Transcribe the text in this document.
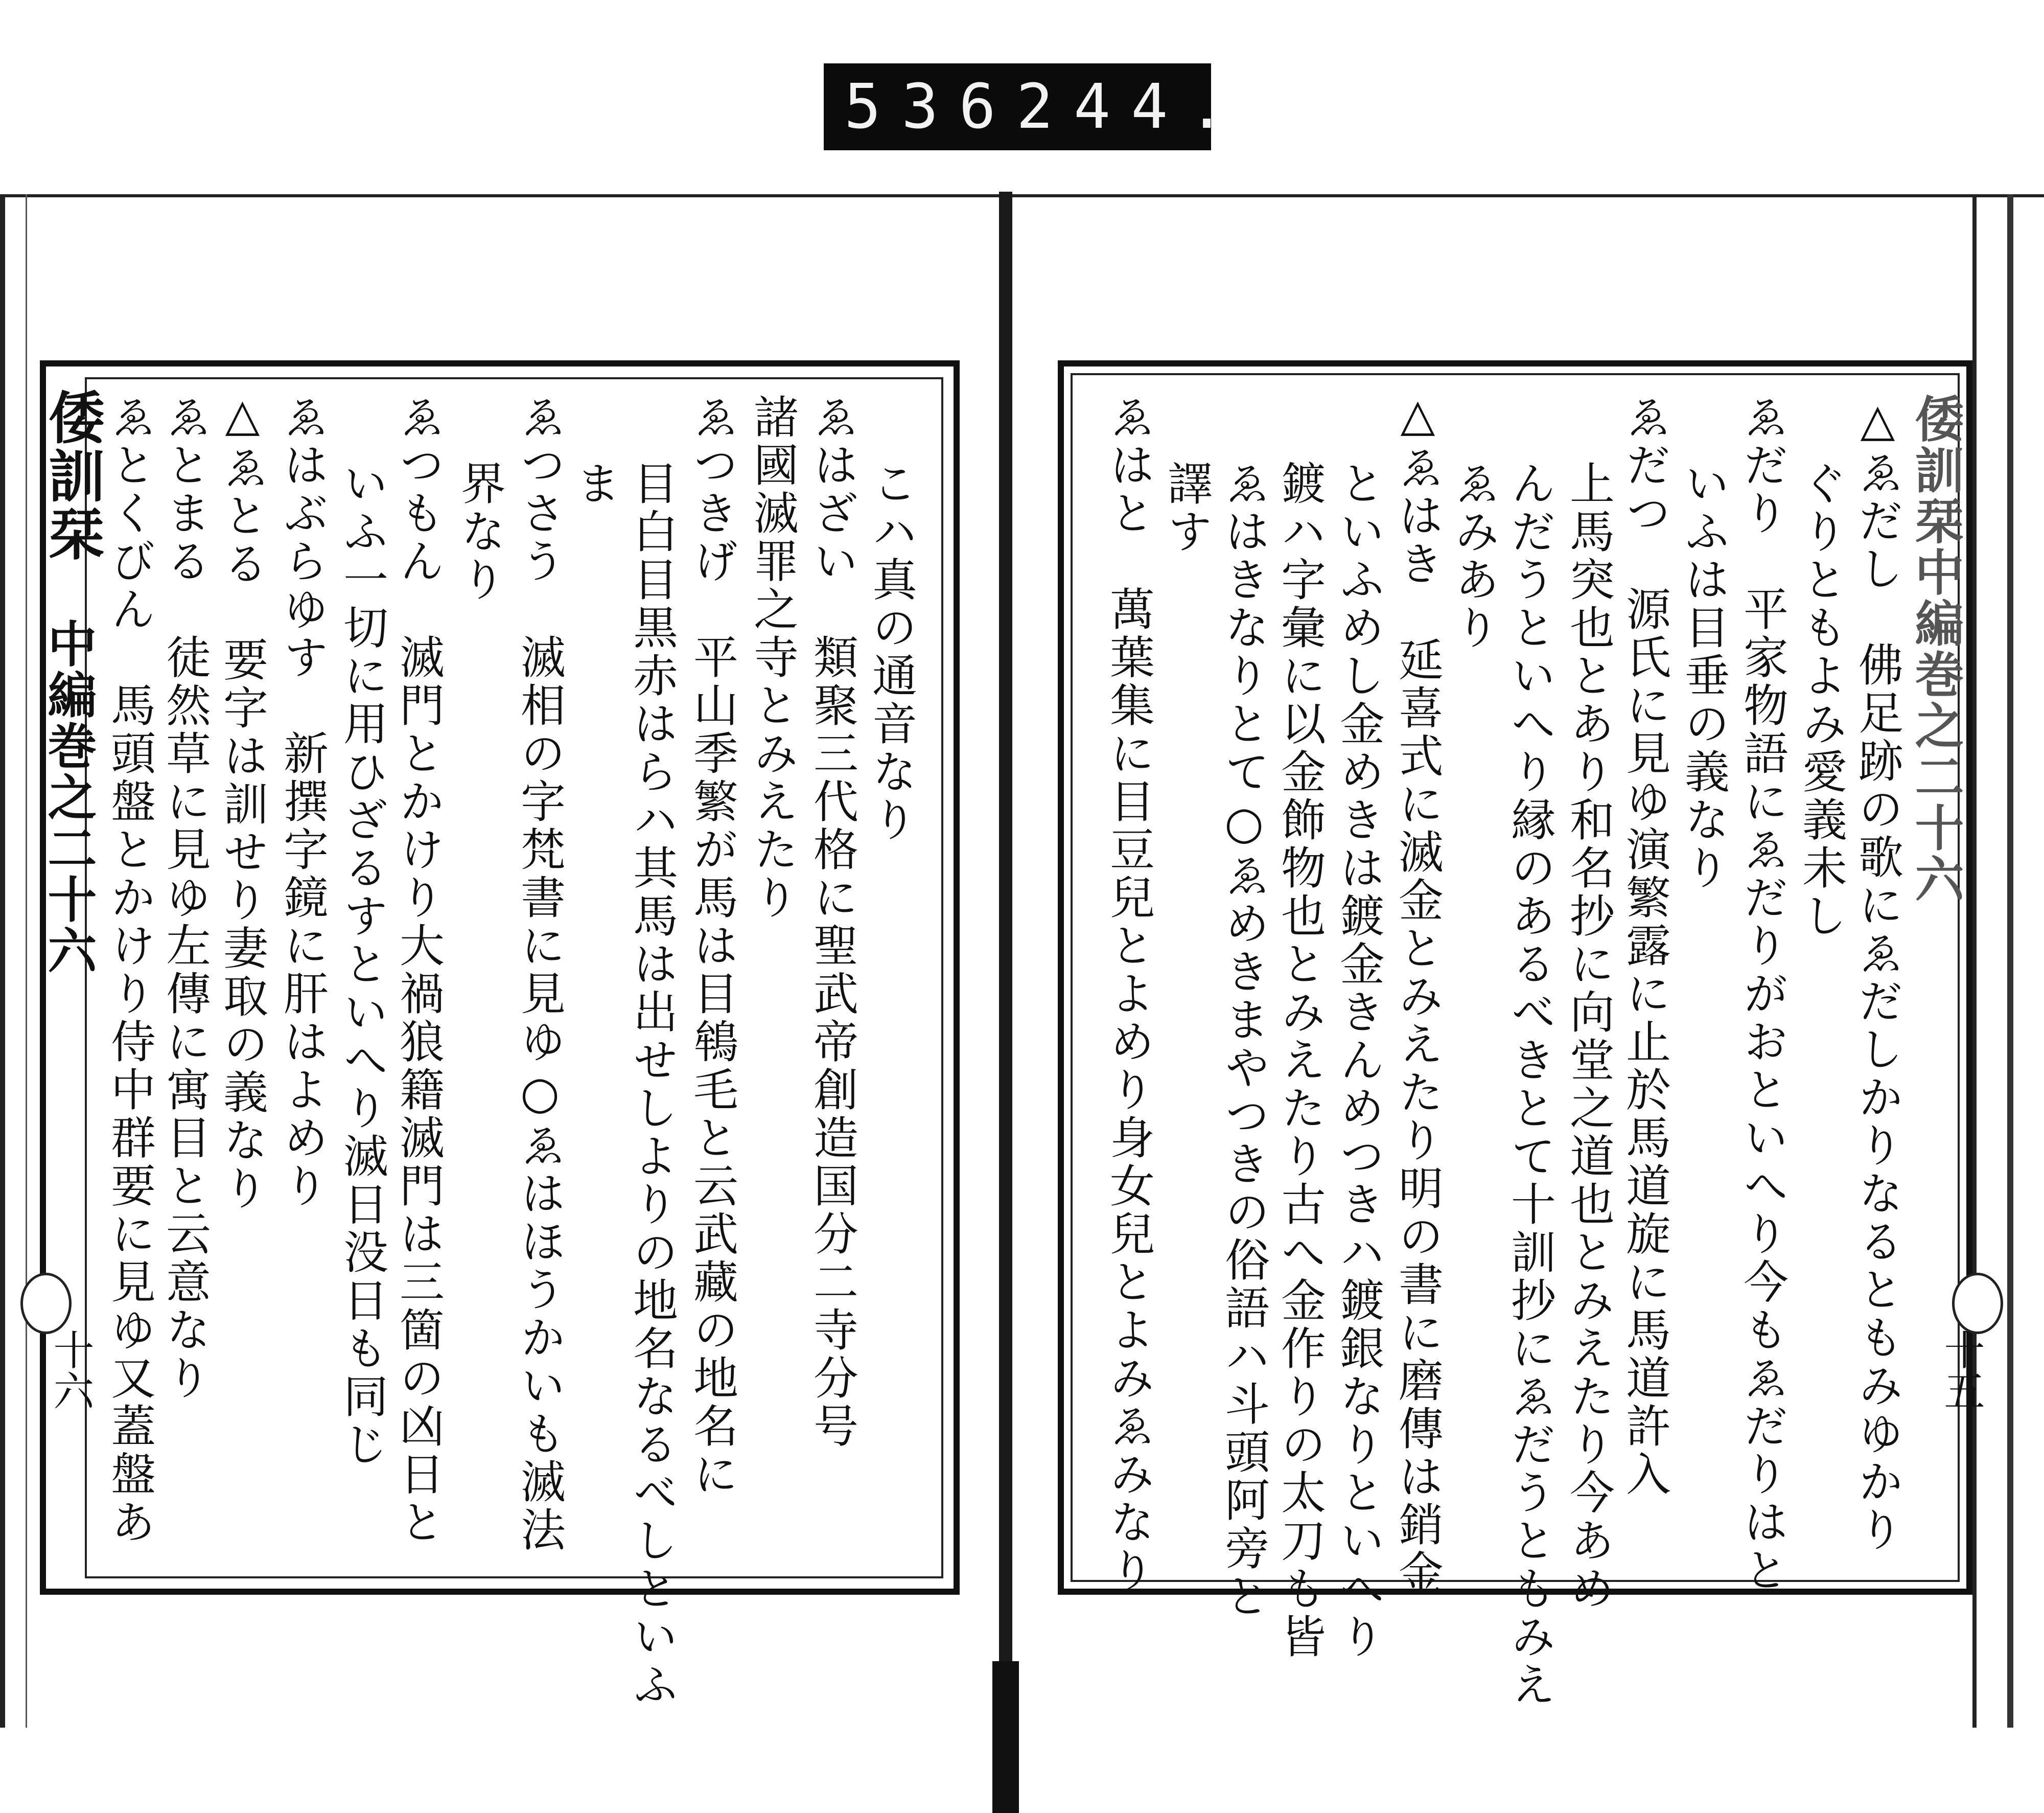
536 244.
倭訓栞
中編巻之二十六
十六
こハ真の通音なり
ゑはざい　類聚三代格に聖武帝創造国分二寺分号
諸國滅罪之寺とみえたり
ゑつきげ　平山季繁が馬は目鴾毛と云武藏の地名に
目白目黒赤はらハ其馬は出せしよりの地名なるべしといふ
ま
ゑつさう　滅相の字梵書に見ゆ○ゑはほうかいも滅法
界なり
ゑつもん　滅門とかけり大禍狼籍滅門は三箇の凶日と
いふ一切に用ひざるすといへり滅日没日も同じ
ゑはぶらゆす　新撰字鏡に肝はよめり
△ゑとる　要字は訓せり妻取の義なり
ゑとまる　徒然草に見ゆ左傳に寓目と云意なり
ゑとくびん　馬頭盤とかけり侍中群要に見ゆ又蓋盤あ	倭訓栞中編巻之二十六
十五
△ゑだし　佛足跡の歌にゑだしかりなるともみゆかり
ぐりともよみ愛義未し
ゑだり　平家物語にゑだりがおといへり今もゑだりはと
いふは目垂の義なり
ゑだつ　源氏に見ゆ演繁露に止於馬道旋に馬道許入
上馬突也とあり和名抄に向堂之道也とみえたり今あめ
んだうといへり縁のあるべきとて十訓抄にゑだうともみえ
ゑみあり
△ゑはき　延喜式に滅金とみえたり明の書に磨傳は銷金
といふめし金めきは鍍金きんめつきハ鍍銀なりといへり
鍍ハ字彙に以金飾物也とみえたり古へ金作りの太刀も皆
ゑはきなりとて○ゑめきまやつきの俗語ハ斗頭阿旁と
譯す
ゑはと　萬葉集に目豆兒とよめり身女兒とよみゑみなり
